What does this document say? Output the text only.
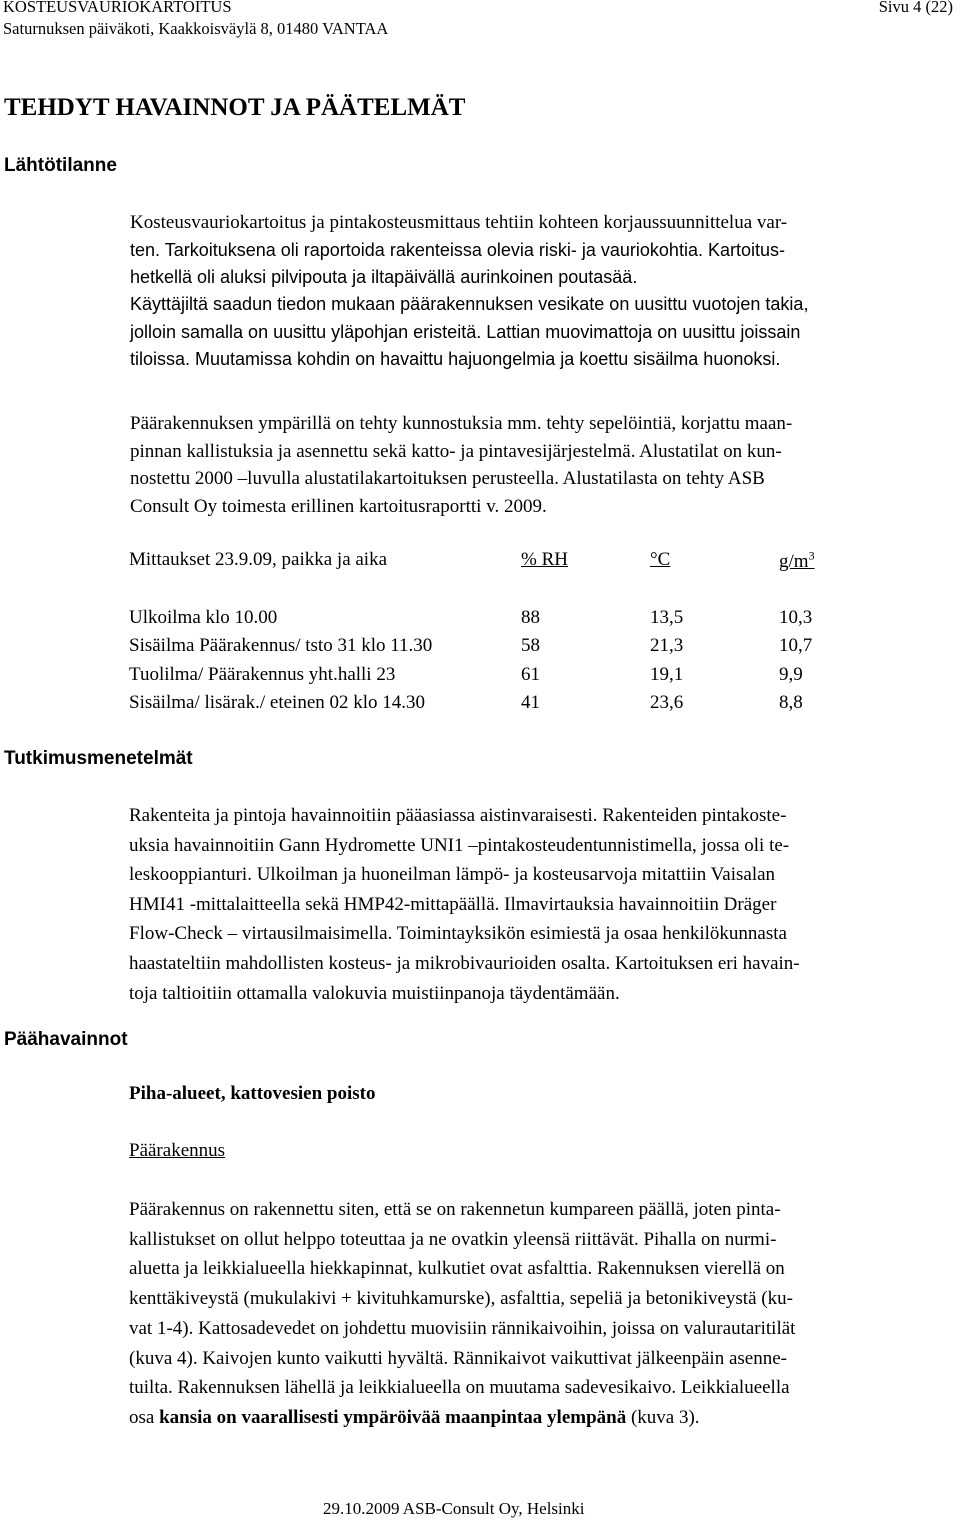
KOSTEUSVAURIOKARTOITUS	Sivu 4 (22)
Saturnuksen päiväkoti, Kaakkoisväylä 8, 01480 VANTAA
TEHDYT HAVAINNOT JA PÄÄTELMÄT
Lähtötilanne
Kosteusvauriokartoitus ja pintakosteusmittaus tehtiin kohteen korjaussuunnittelua var-
ten. Tarkoituksena oli raportoida rakenteissa olevia riski- ja vauriokohtia. Kartoitus-
hetkellä oli aluksi pilvipouta ja iltapäivällä aurinkoinen poutasää.
Käyttäjiltä saadun tiedon mukaan päärakennuksen vesikate on uusittu vuotojen takia,
jolloin samalla on uusittu yläpohjan eristeitä. Lattian muovimattoja on uusittu joissain
tiloissa. Muutamissa kohdin on havaittu hajuongelmia ja koettu sisäilma huonoksi.
Päärakennuksen ympärillä on tehty kunnostuksia mm. tehty sepelöintiä, korjattu maan-
pinnan kallistuksia ja asennettu sekä katto- ja pintavesijärjestelmä. Alustatilat on kun-
nostettu 2000 –luvulla alustatilakartoituksen perusteella. Alustatilasta on tehty ASB
Consult Oy toimesta erillinen kartoitusraportti v. 2009.
Mittaukset 23.9.09, paikka ja aika	% RH	°C	$g/m^3$
Ulkoilma klo 10.00	88	13,5	10,3
Sisäilma Päärakennus/ tsto 31 klo 11.30	58	21,3	10,7
Tuolilma/ Päärakennus yht.halli 23	61	19,1	9,9
Sisäilma/ lisärak./ eteinen 02 klo 14.30	41	23,6	8,8
Tutkimusmenetelmät
Rakenteita ja pintoja havainnoitiin pääasiassa aistinvaraisesti. Rakenteiden pintakoste-
uksia havainnoitiin Gann Hydromette UNI1 –pintakosteudentunnistimella, jossa oli te-
leskooppianturi. Ulkoilman ja huoneilman lämpö- ja kosteusarvoja mitattiin Vaisalan
HMI41 -mittalaitteella sekä HMP42-mittapäällä. Ilmavirtauksia havainnoitiin Dräger
Flow-Check – virtausilmaisimella. Toimintayksikön esimiestä ja osaa henkilökunnasta
haastateltiin mahdollisten kosteus- ja mikrobivaurioiden osalta. Kartoituksen eri havain-
toja taltioitiin ottamalla valokuvia muistiinpanoja täydentämään.
Päähavainnot
Piha-alueet, kattovesien poisto
Päärakennus
Päärakennus on rakennettu siten, että se on rakennetun kumpareen päällä, joten pinta-
kallistukset on ollut helppo toteuttaa ja ne ovatkin yleensä riittävät. Pihalla on nurmi-
aluetta ja leikkialueella hiekkapinnat, kulkutiet ovat asfalttia. Rakennuksen vierellä on
kenttäkiveystä (mukulakivi + kivituhkamurske), asfalttia, sepeliä ja betonikiveystä (ku-
vat 1-4). Kattosadevedet on johdettu muovisiin rännikaivoihin, joissa on valurautaritilät
(kuva 4). Kaivojen kunto vaikutti hyvältä. Rännikaivot vaikuttivat jälkeenpäin asenne-
tuilta. Rakennuksen lähellä ja leikkialueella on muutama sadevesikaivo. Leikkialueella
osa kansia on vaarallisesti ympäröivää maanpintaa ylempänä (kuva 3).
29.10.2009 ASB-Consult Oy, Helsinki
